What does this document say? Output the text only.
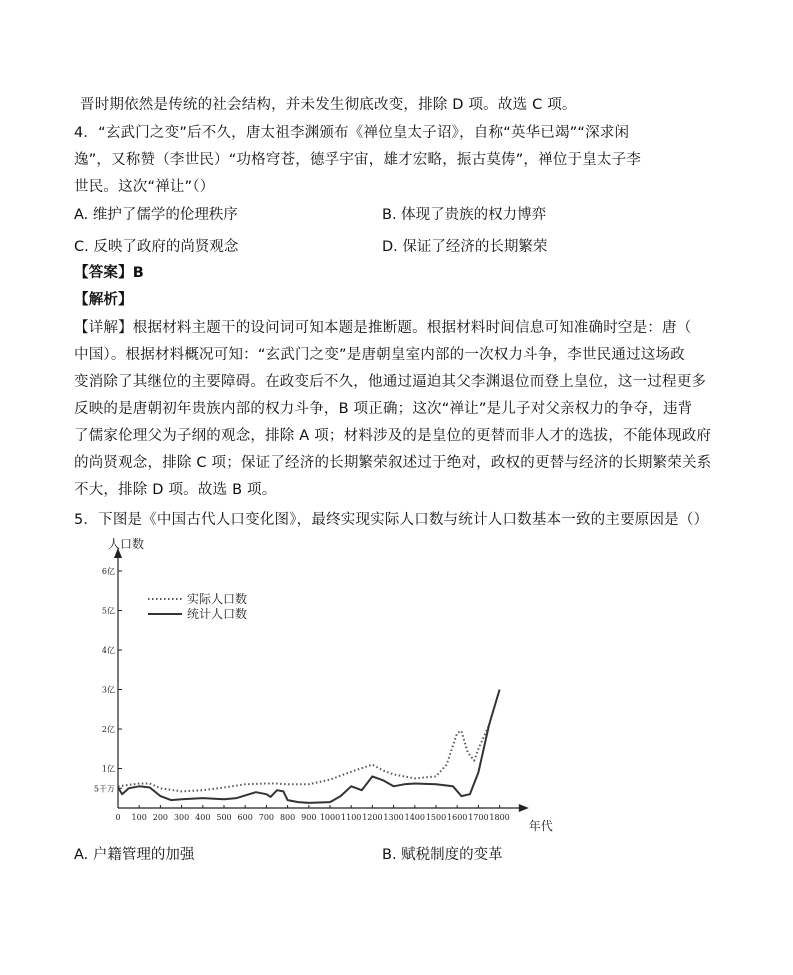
晋时期依然是传统的社会结构，并未发生彻底改变，排除 D 项。故选 C 项。
4．“玄武门之变”后不久，唐太祖李渊颁布《禅位皇太子诏》，自称“英华已竭”“深求闲
逸”，又称赞（李世民）“功格穹苍，德孚宇宙，雄才宏略，振古莫俦”，禅位于皇太子李
世民。这次“禅让”（）
A. 维护了儒学的伦理秩序	B. 体现了贵族的权力博弈
C. 反映了政府的尚贤观念	D. 保证了经济的长期繁荣
【答案】B
【解析】
【详解】根据材料主题干的设问词可知本题是推断题。根据材料时间信息可知准确时空是：唐（
中国）。根据材料概况可知：“玄武门之变”是唐朝皇室内部的一次权力斗争，李世民通过这场政
变消除了其继位的主要障碍。在政变后不久，他通过逼迫其父李渊退位而登上皇位，这一过程更多
反映的是唐朝初年贵族内部的权力斗争，B 项正确；这次“禅让”是儿子对父亲权力的争夺，违背
了儒家伦理父为子纲的观念，排除 A 项；材料涉及的是皇位的更替而非人才的选拔，不能体现政府
的尚贤观念，排除 C 项；保证了经济的长期繁荣叙述过于绝对，政权的更替与经济的长期繁荣关系
不大，排除 D 项。故选 B 项。
5．下图是《中国古代人口变化图》，最终实现实际人口数与统计人口数基本一致的主要原因是（）
人口数
年代
5千万
1亿
2亿
3亿
4亿
5亿
6亿
0 100 200 300 400 500 600 700 800 900 1000 1100 1200 1300 1400 1500 1600 1700 1800
实际人口数
统计人口数
A. 户籍管理的加强	B. 赋税制度的变革
